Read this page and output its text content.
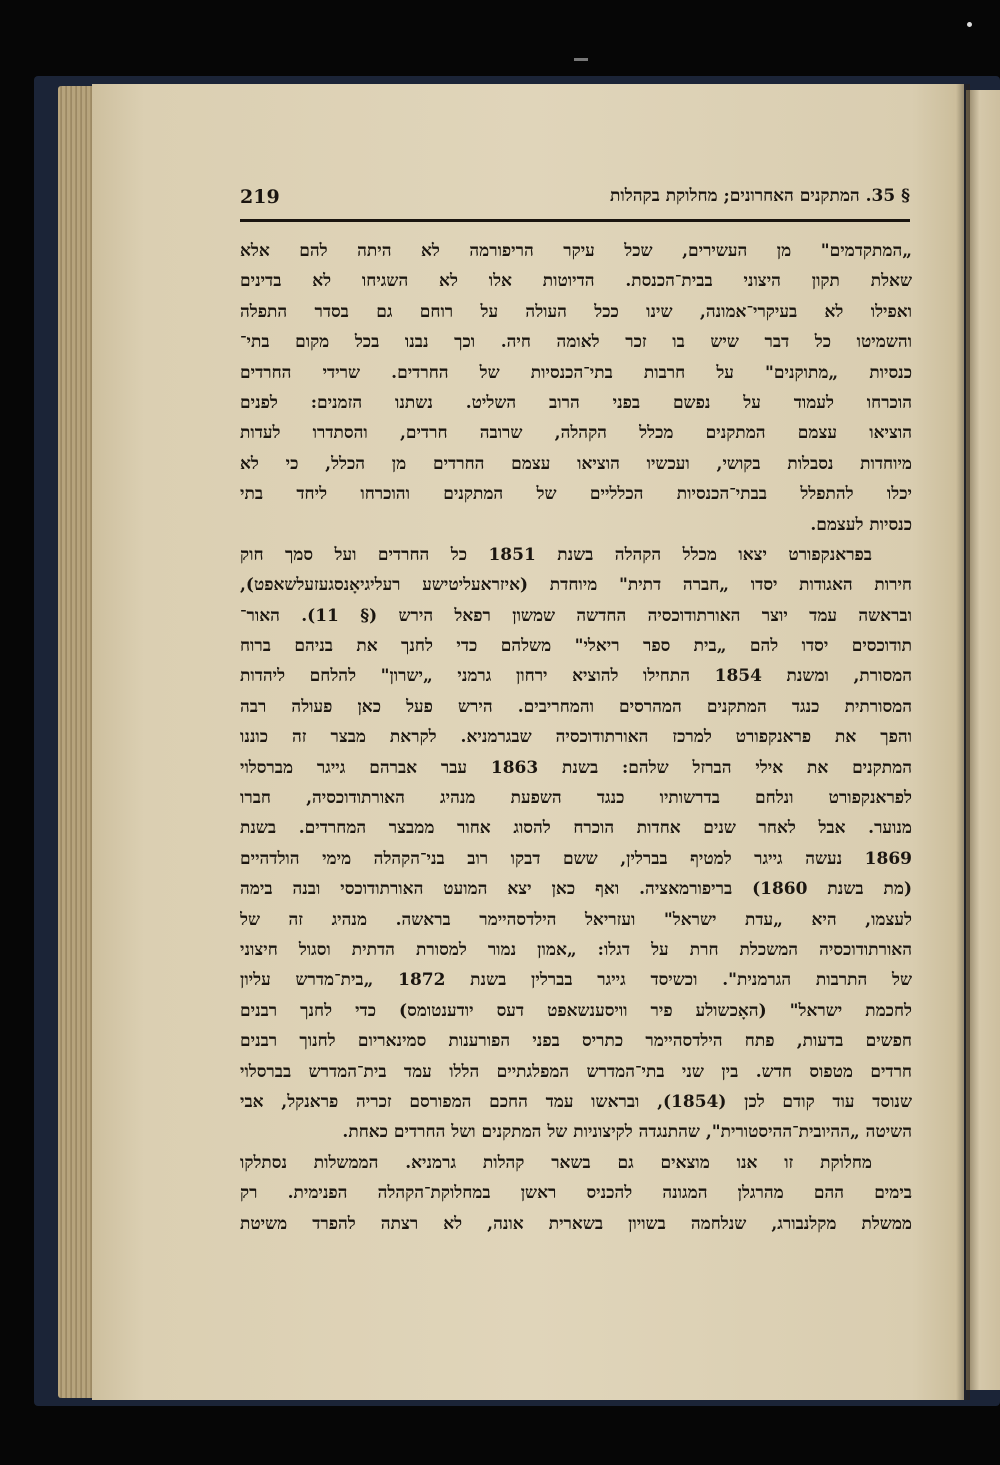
219	§ 35. המתקנים האחרונים; מחלוקת בקהלות
„המתקדמים" מן העשירים, שכל עיקר הריפורמה לא היתה להם אלא
שאלת תקון היצוני בבית־הכנסת. הדיוטות אלו לא השגיחו לא בדינים
ואפילו לא בעיקרי־אמונה, שינו ככל העולה על רוחם גם בסדר התפלה
והשמיטו כל דבר שיש בו זכר לאומה חיה. וכך נבנו בכל מקום בתי־
כנסיות „מתוקנים" על חרבות בתי־הכנסיות של החרדים. שרידי החרדים
הוכרחו לעמוד על נפשם בפני הרוב השליט. נשתנו הזמנים: לפנים
הוציאו עצמם המתקנים מכלל הקהלה, שרובה חרדים, והסתדרו לעדות
מיוחדות נסבלות בקושי, ועכשיו הוציאו עצמם החרדים מן הכלל, כי לא
יכלו להתפלל בבתי־הכנסיות הכלליים של המתקנים והוכרחו ליחד בתי
כנסיות לעצמם.
בפראנקפורט יצאו מכלל הקהלה בשנת 1851 כל החרדים ועל סמך חוק
חירות האגודות יסדו „חברה דתית" מיוחדת (איזראעליטישע רעליגיאָנסגעזעלשאפט),
ובראשה עמד יוצר האורתודוכסיה החדשה שמשון רפאל הירש (§ 11). האור־
תודוכסים יסדו להם „בית ספר ריאלי" משלהם כדי לחנך את בניהם ברוח
המסורת, ומשנת 1854 התחילו להוציא ירחון גרמני „ישרון" להלחם ליהדות
המסורתית כנגד המתקנים המהרסים והמחריבים. הירש פעל כאן פעולה רבה
והפך את פראנקפורט למרכז האורתודוכסיה שבגרמניא. לקראת מבצר זה כוננו
המתקנים את אילי הברזל שלהם: בשנת 1863 עבר אברהם גייגר מברסלוי
לפראנקפורט ונלחם בדרשותיו כנגד השפעת מנהיג האורתודוכסיה, חברו
מנוער. אבל לאחר שנים אחדות הוכרח להסוג אחור ממבצר המחרדים. בשנת
1869 נעשה גייגר למטיף בברלין, ששם דבקו רוב בני־הקהלה מימי הולדהיים
(מת בשנת 1860) בריפורמאציה. ואף כאן יצא המועט האורתודוכסי ובנה בימה
לעצמו, היא „עדת ישראל" ועזריאל הילדסהיימר בראשה. מנהיג זה של
האורתודוכסיה המשכלת חרת על דגלו: „אמון נמור למסורת הדתית וסגול חיצוני
של התרבות הגרמנית". וכשיסד גייגר בברלין בשנת 1872 „בית־מדרש עליון
לחכמת ישראל" (האָכשולע פיר וויסענשאפט דעס יודענטומס) כדי לחנך רבנים
חפשים בדעות, פתח הילדסהיימר כתריס בפני הפורענות סמינאריום לחנוך רבנים
חרדים מטפוס חדש. בין שני בתי־המדרש המפלגתיים הללו עמד בית־המדרש בברסלוי
שנוסד עוד קודם לכן (1854), ובראשו עמד החכם המפורסם זכריה פראנקל, אבי
השיטה „ההיובית־ההיסטורית", שהתנגדה לקיצוניות של המתקנים ושל החרדים כאחת.
מחלוקת זו אנו מוצאים גם בשאר קהלות גרמניא. הממשלות נסתלקו
בימים ההם מהרגלן המגונה להכניס ראשן במחלוקת־הקהלה הפנימית. רק
ממשלת מקלנבורג, שנלחמה בשויון בשארית אונה, לא רצתה להפרד משיטת
